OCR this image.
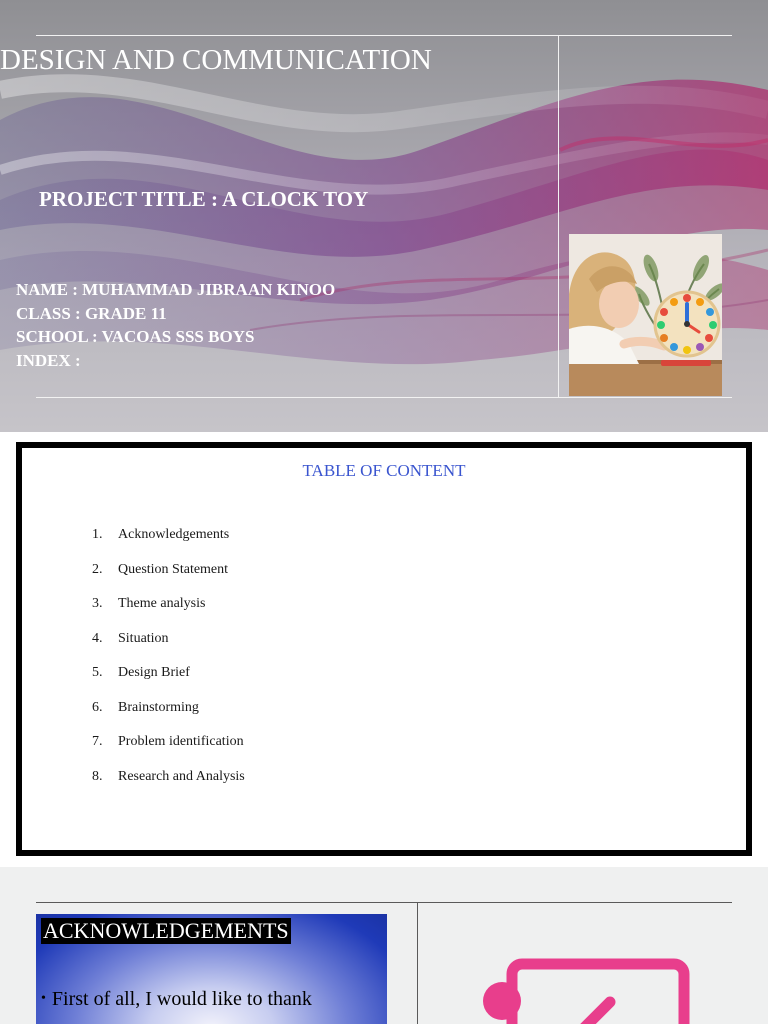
DESIGN AND COMMUNICATION
PROJECT TITLE : A CLOCK TOY
NAME : MUHAMMAD JIBRAAN KINOO
CLASS : GRADE 11
SCHOOL : VACOAS SSS BOYS
INDEX :
TABLE OF CONTENT
1.	Acknowledgements
2.	Question Statement
3.	Theme analysis
4.	Situation
5.	Design Brief
6.	Brainstorming
7.	Problem identification
8.	Research and Analysis
ACKNOWLEDGEMENTS
• First of all, I would like to thank
